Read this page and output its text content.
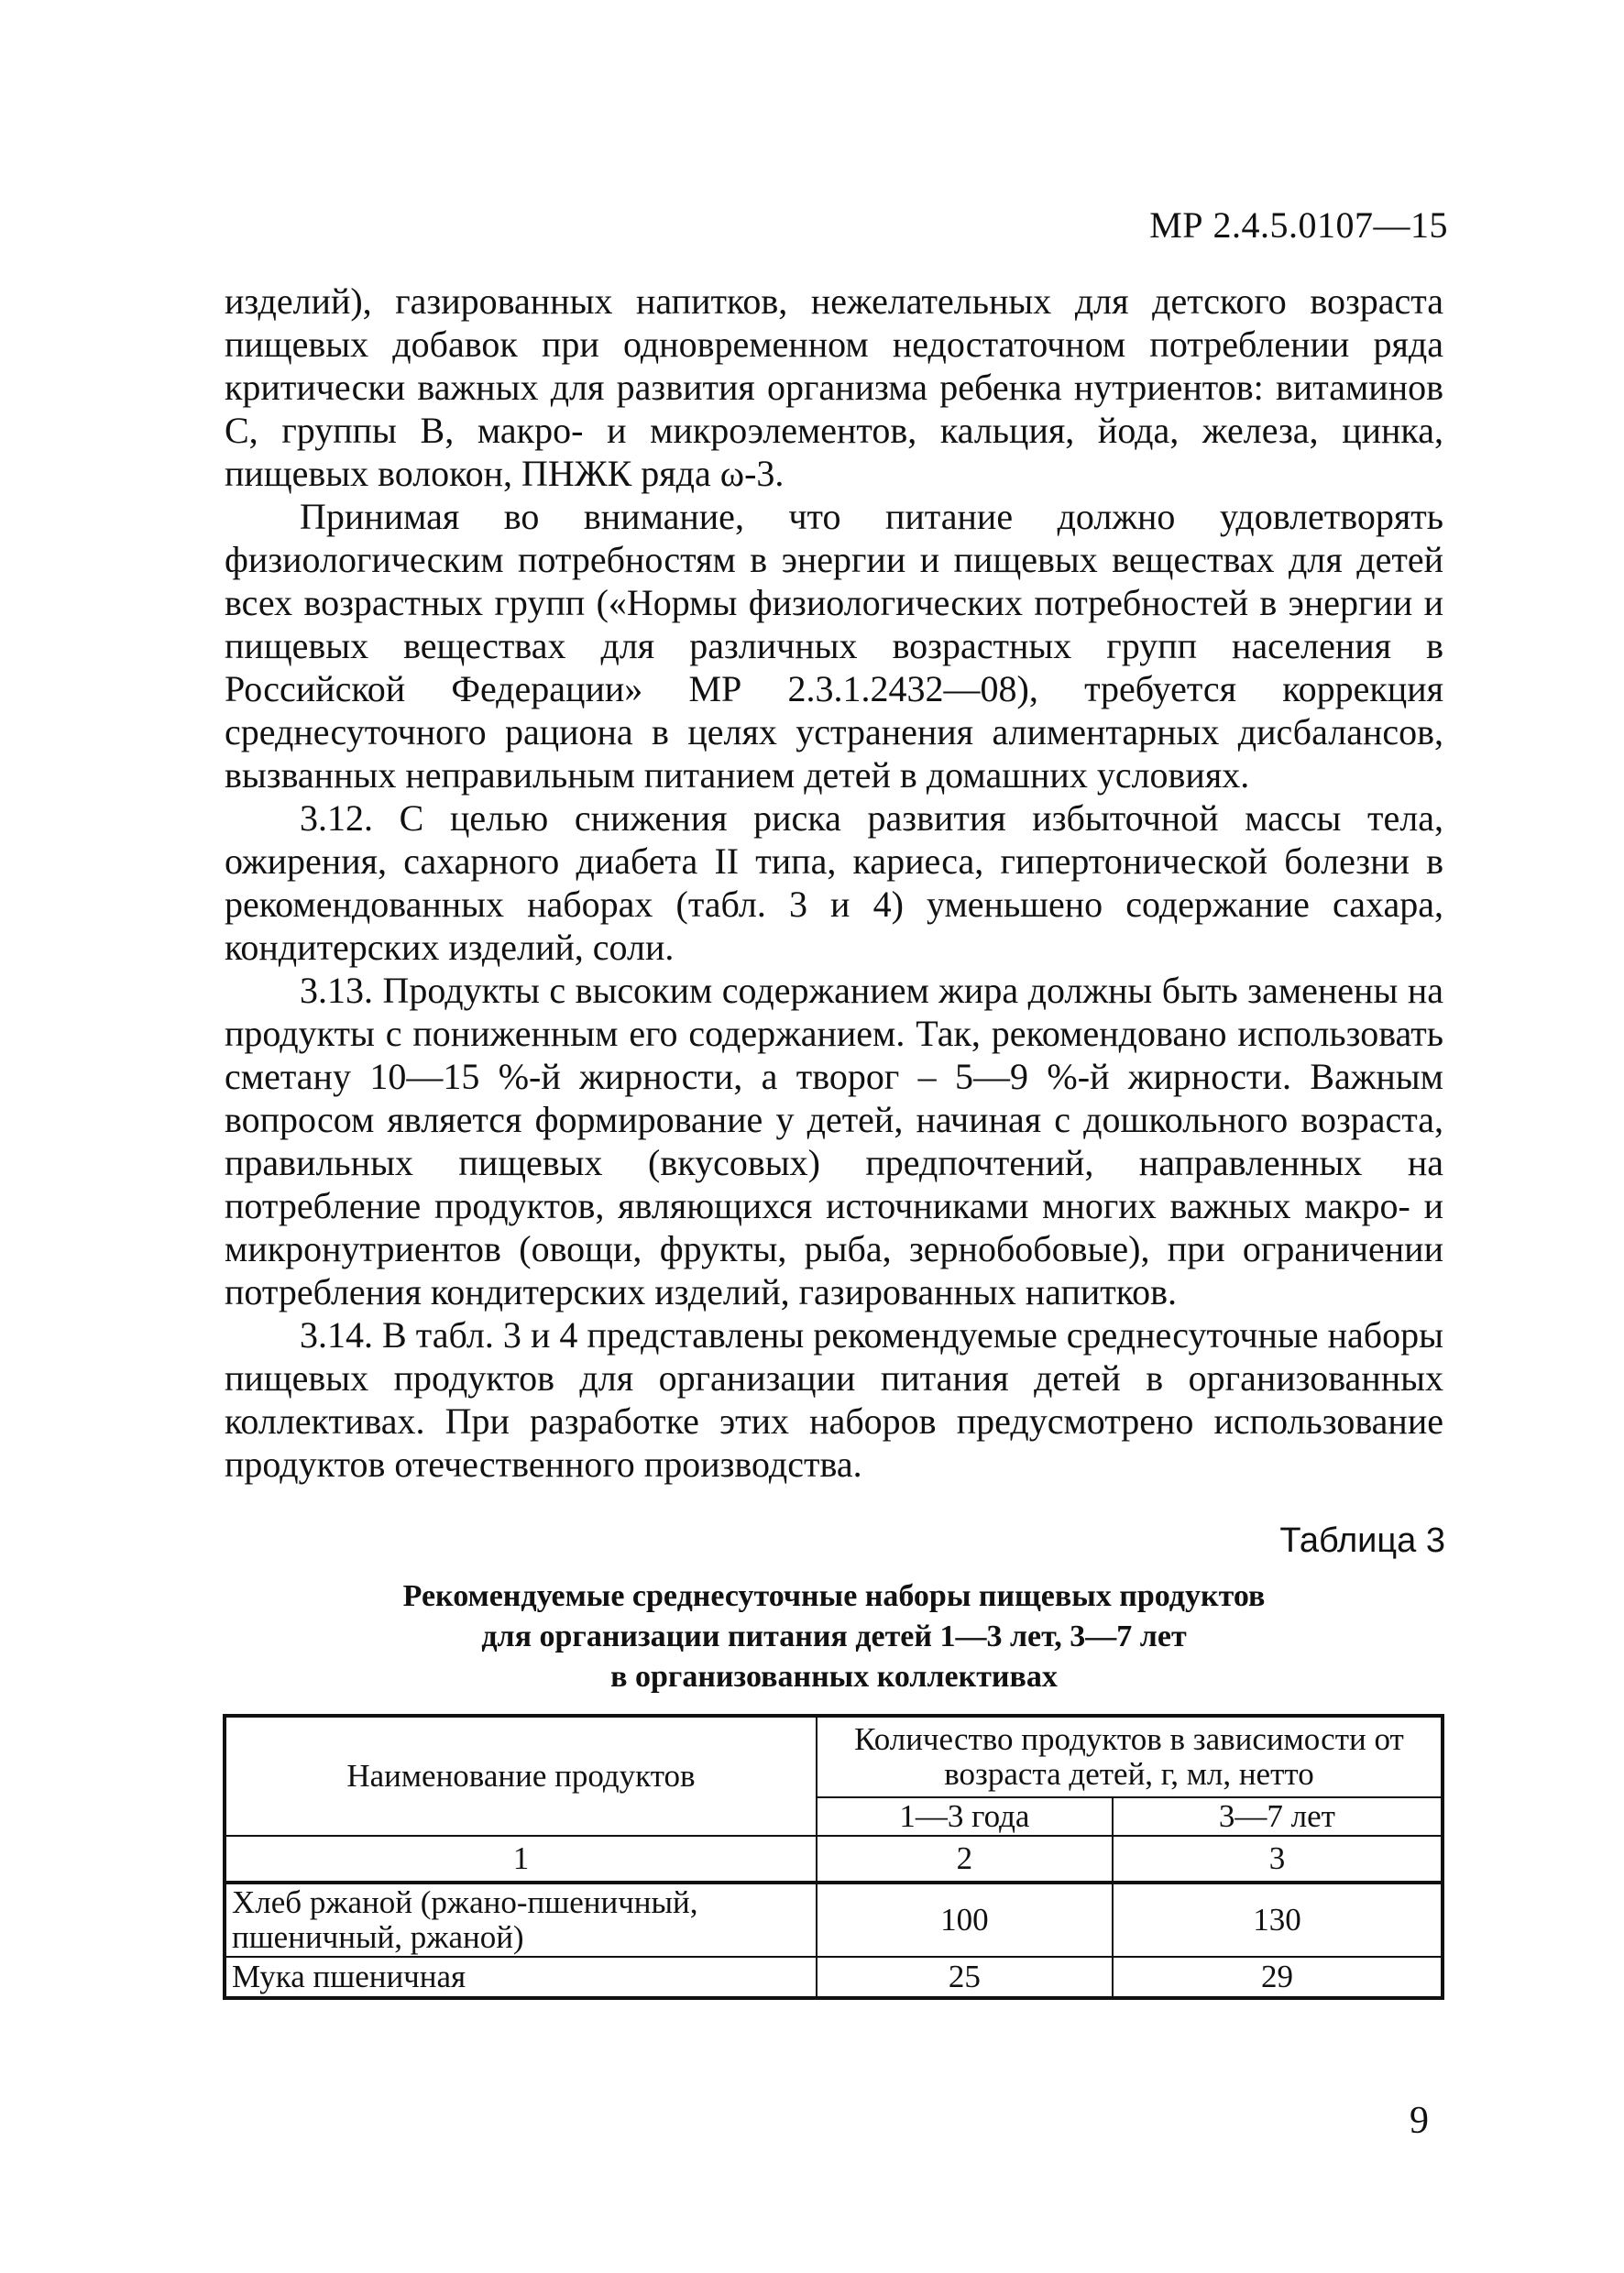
МР 2.4.5.0107—15

изделий), газированных напитков, нежелательных для детского возраста пищевых добавок при одновременном недостаточном потреблении ряда критически важных для развития организма ребенка нутриентов: витаминов С, группы В, макро- и микроэлементов, кальция, йода, железа, цинка, пищевых волокон, ПНЖК ряда ω-3.

Принимая во внимание, что питание должно удовлетворять физиологическим потребностям в энергии и пищевых веществах для детей всех возрастных групп («Нормы физиологических потребностей в энергии и пищевых веществах для различных возрастных групп населения в Российской Федерации» МР 2.3.1.2432—08), требуется коррекция среднесуточного рациона в целях устранения алиментарных дисбалансов, вызванных неправильным питанием детей в домашних условиях.

3.12. С целью снижения риска развития избыточной массы тела, ожирения, сахарного диабета II типа, кариеса, гипертонической болезни в рекомендованных наборах (табл. 3 и 4) уменьшено содержание сахара, кондитерских изделий, соли.

3.13. Продукты с высоким содержанием жира должны быть заменены на продукты с пониженным его содержанием. Так, рекомендовано использовать сметану 10—15 %-й жирности, а творог – 5—9 %-й жирности. Важным вопросом является формирование у детей, начиная с дошкольного возраста, правильных пищевых (вкусовых) предпочтений, направленных на потребление продуктов, являющихся источниками многих важных макро- и микронутриентов (овощи, фрукты, рыба, зернобобовые), при ограничении потребления кондитерских изделий, газированных напитков.

3.14. В табл. 3 и 4 представлены рекомендуемые среднесуточные наборы пищевых продуктов для организации питания детей в организованных коллективах. При разработке этих наборов предусмотрено использование продуктов отечественного производства.

Таблица 3
Рекомендуемые среднесуточные наборы пищевых продуктов
для организации питания детей 1—3 лет, 3—7 лет
в организованных коллективах
Наименование продуктов	Количество продуктов в зависимости от возраста детей, г, мл, нетто	
	1—3 года	3—7 лет
1	2	3
Хлеб ржаной (ржано-пшеничный, пшеничный, ржаной)	100	130
Мука пшеничная	25	29
9
